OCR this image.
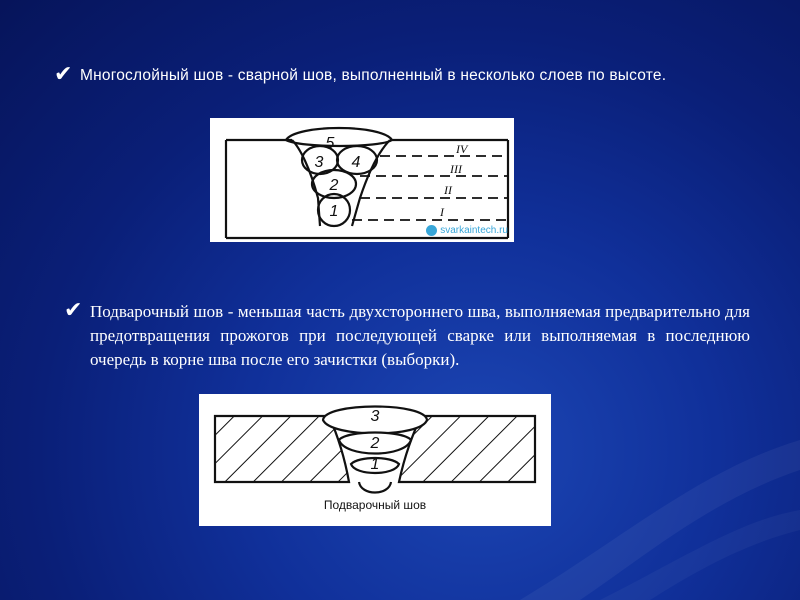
✔ Многослойный шов - сварной шов, выполненный в несколько слоев по высоте.
5
3 4
2
1
IV
III
II
I
svarkaintech.ru
✔ Подварочный шов - меньшая часть двухстороннего шва, выполняемая предварительно для предотвращения прожогов при последующей сварке или выполняемая в последнюю очередь в корне шва после его зачистки (выборки).
3
2
1
Подварочный шов
